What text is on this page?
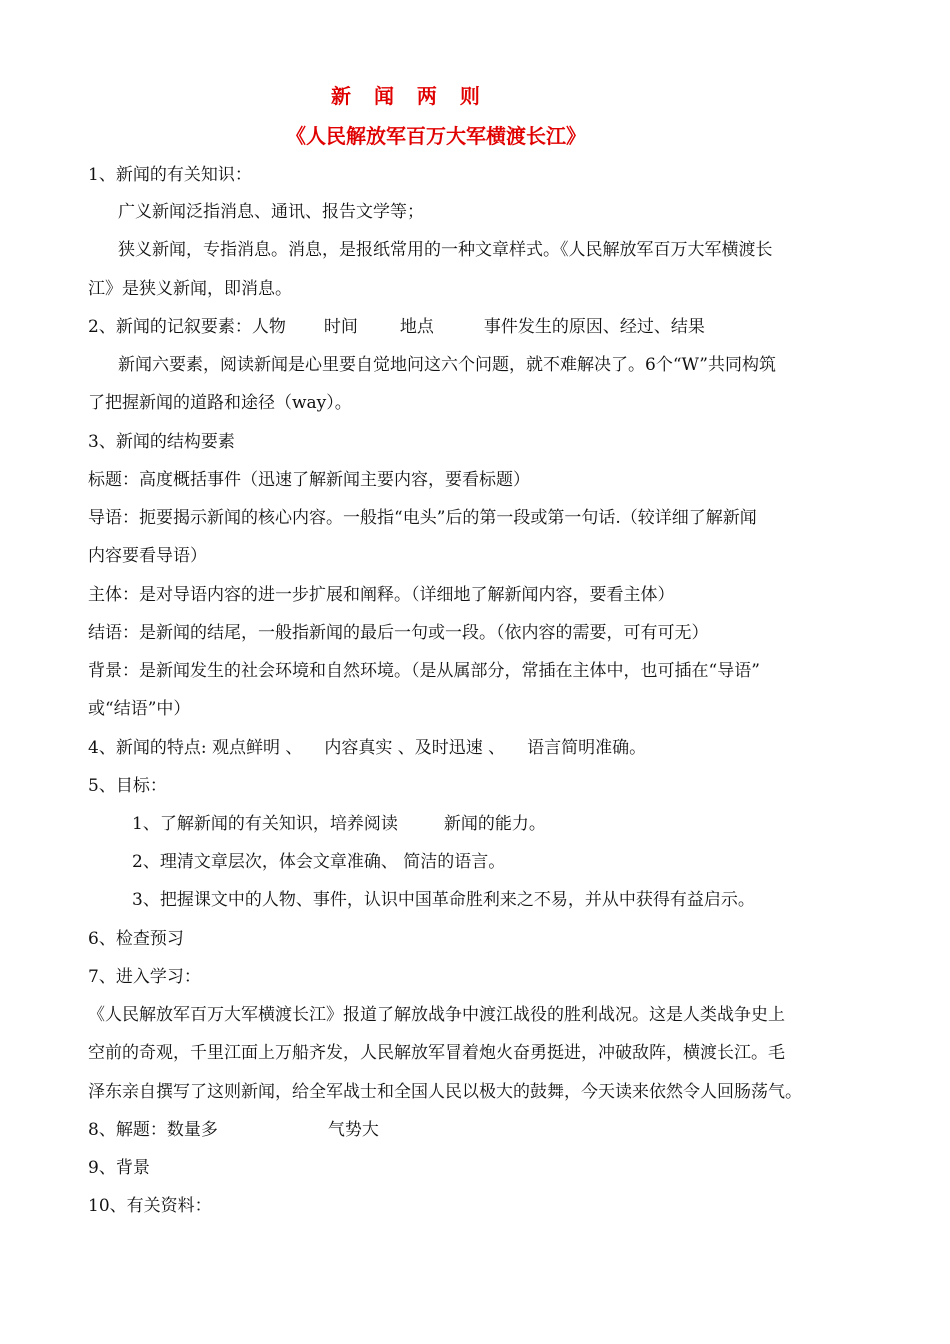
新 闻 两 则
《人民解放军百万大军横渡长江》
1、新闻的有关知识：
广义新闻泛指消息、通讯、报告文学等；
狭义新闻，专指消息。消息，是报纸常用的一种文章样式。《人民解放军百万大军横渡长
江》是狭义新闻，即消息。
2、新闻的记叙要素：人物 时间 地点	事件发生的原因、经过、结果
新闻六要素，阅读新闻是心里要自觉地问这六个问题，就不难解决了。6个“W”共同构筑
了把握新闻的道路和途径（way）。
3、新闻的结构要素
标题：高度概括事件（迅速了解新闻主要内容，要看标题）
导语：扼要揭示新闻的核心内容。一般指“电头”后的第一段或第一句话.（较详细了解新闻
内容要看导语）
主体：是对导语内容的进一步扩展和阐释。（详细地了解新闻内容，要看主体）
结语：是新闻的结尾，一般指新闻的最后一句或一段。（依内容的需要，可有可无）
背景：是新闻发生的社会环境和自然环境。（是从属部分，常插在主体中，也可插在“导语”
或“结语”中）
4、新闻的特点: 观点鲜明 、 内容真实 、及时迅速 、 语言简明准确。
5、目标：
1、了解新闻的有关知识，培养阅读	新闻的能力。
2、理清文章层次，体会文章准确、 简洁的语言。
3、把握课文中的人物、事件，认识中国革命胜利来之不易，并从中获得有益启示。
6、检查预习
7、进入学习：
《人民解放军百万大军横渡长江》报道了解放战争中渡江战役的胜利战况。这是人类战争史上
空前的奇观，千里江面上万船齐发，人民解放军冒着炮火奋勇挺进，冲破敌阵，横渡长江。毛
泽东亲自撰写了这则新闻，给全军战士和全国人民以极大的鼓舞，今天读来依然令人回肠荡气。
8、解题：数量多	气势大
9、背景
10、有关资料：
